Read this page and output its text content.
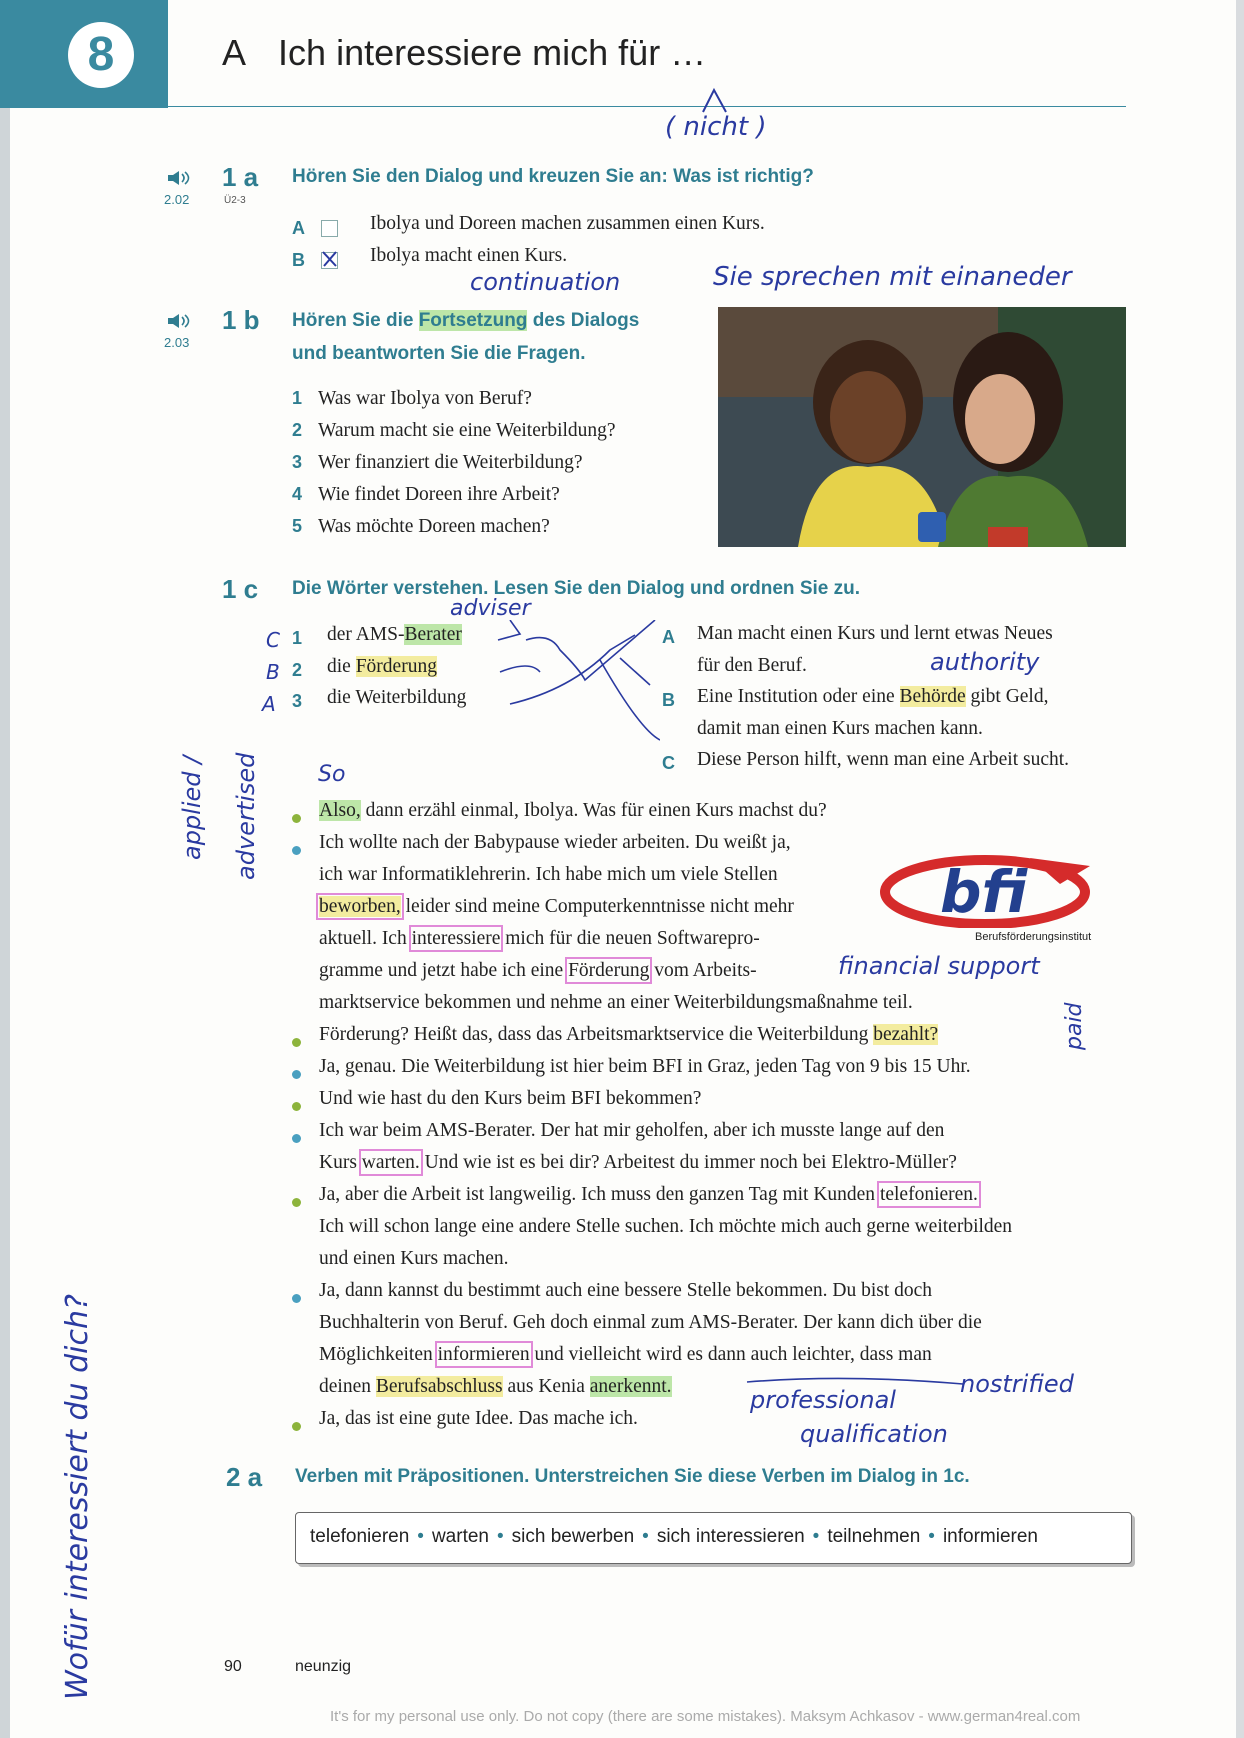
8	A Ich interessiere mich für …
( nicht )
2.02
1 a
Ü2-3
Hören Sie den Dialog und kreuzen Sie an: Was ist richtig?
A	Ibolya und Doreen machen zusammen einen Kurs.
B	Ibolya macht einen Kurs.
continuation	Sie sprechen mit einaneder
2.03
1 b Hören Sie die Fortsetzung des Dialogs
und beantworten Sie die Fragen.
1 Was war Ibolya von Beruf?
2 Warum macht sie eine Weiterbildung?
3 Wer finanziert die Weiterbildung?
4 Wie findet Doreen ihre Arbeit?
5 Was möchte Doreen machen?
1 c Die Wörter verstehen. Lesen Sie den Dialog und ordnen Sie zu.
adviser
C
B
A
1 der AMS-Berater
2 die Förderung
3 die Weiterbildung
authority
A Man macht einen Kurs und lernt etwas Neues
für den Beruf.
B Eine Institution oder eine Behörde gibt Geld,
damit man einen Kurs machen kann.
C Diese Person hilft, wenn man eine Arbeit sucht.
applied / advertised	So
Wofür interessiert du dich?
Also, dann erzähl einmal, Ibolya. Was für einen Kurs machst du?
Ich wollte nach der Babypause wieder arbeiten. Du weißt ja,
ich war Informatiklehrerin. Ich habe mich um viele Stellen
beworben, leider sind meine Computerkenntnisse nicht mehr
aktuell. Ich interessiere mich für die neuen Softwarepro-
gramme und jetzt habe ich eine Förderung vom Arbeits-	financial support
marktservice bekommen und nehme an einer Weiterbildungsmaßnahme teil.
Förderung? Heißt das, dass das Arbeitsmarktservice die Weiterbildung bezahlt?	paid
Ja, genau. Die Weiterbildung ist hier beim BFI in Graz, jeden Tag von 9 bis 15 Uhr.
Und wie hast du den Kurs beim BFI bekommen?
Ich war beim AMS-Berater. Der hat mir geholfen, aber ich musste lange auf den
Kurs warten. Und wie ist es bei dir? Arbeitest du immer noch bei Elektro-Müller?
Ja, aber die Arbeit ist langweilig. Ich muss den ganzen Tag mit Kunden telefonieren.
Ich will schon lange eine andere Stelle suchen. Ich möchte mich auch gerne weiterbilden
und einen Kurs machen.
Ja, dann kannst du bestimmt auch eine bessere Stelle bekommen. Du bist doch
Buchhalterin von Beruf. Geh doch einmal zum AMS-Berater. Der kann dich über die
Möglichkeiten informieren und vielleicht wird es dann auch leichter, dass man
deinen Berufsabschluss aus Kenia anerkennt.	nostrified
professional
qualification
Ja, das ist eine gute Idee. Das mache ich.
bfi
Berufsförderungsinstitut
2 a Verben mit Präpositionen. Unterstreichen Sie diese Verben im Dialog in 1c.
telefonieren • warten • sich bewerben • sich interessieren • teilnehmen • informieren
90	neunzig
It's for my personal use only. Do not copy (there are some mistakes). Maksym Achkasov - www.german4real.com
